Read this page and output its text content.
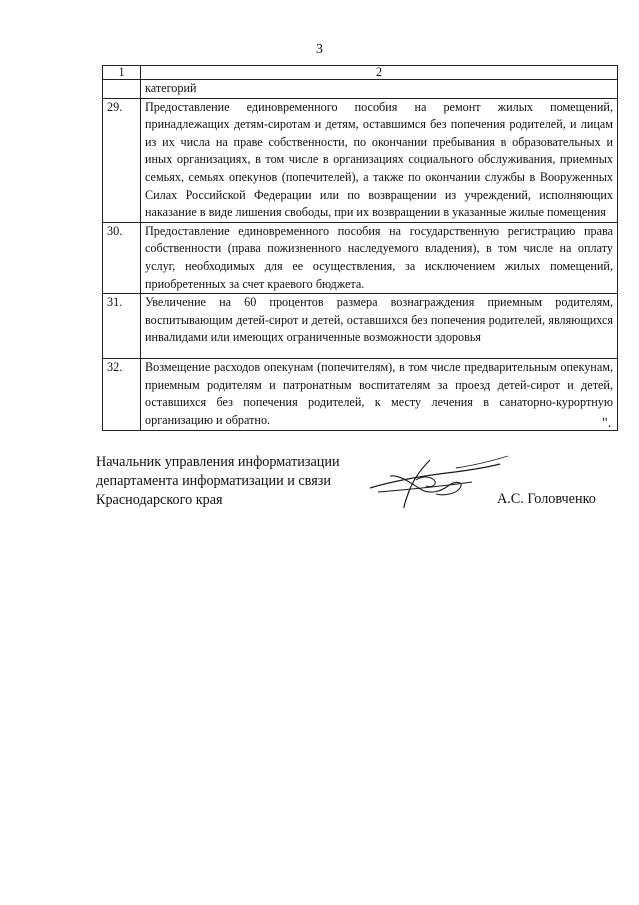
3
1	2
	категорий
29.	Предоставление единовременного пособия на ремонт жилых помещений, принадлежащих детям-сиротам и детям, оставшимся без попечения родителей, и лицам из их числа на праве собственности, по окончании пребывания в образовательных и иных организациях, в том числе в организациях социального обслуживания, приемных семьях, семьях опекунов (попечителей), а также по окончании службы в Вооруженных Силах Российской Федерации или по возвращении из учреждений, исполняющих наказание в виде лишения свободы, при их возвращении в указанные жилые помещения
30.	Предоставление единовременного пособия на государственную регистрацию права собственности (права пожизненного наследуемого владения), в том числе на оплату услуг, необходимых для ее осуществления, за исключением жилых помещений, приобретенных за счет краевого бюджета.
31.	Увеличение на 60 процентов размера вознаграждения приемным родителям, воспитывающим детей-сирот и детей, оставшихся без попечения родителей, являющихся инвалидами или имеющих ограниченные возможности здоровья
32.	Возмещение расходов опекунам (попечителям), в том числе предварительным опекунам, приемным родителям и патронатным воспитателям за проезд детей-сирот и детей, оставшихся без попечения родителей, к месту лечения в санаторно-курортную организацию и обратно.	".
Начальник управления информатизации
департамента информатизации и связи
Краснодарского края	А.С. Головченко
